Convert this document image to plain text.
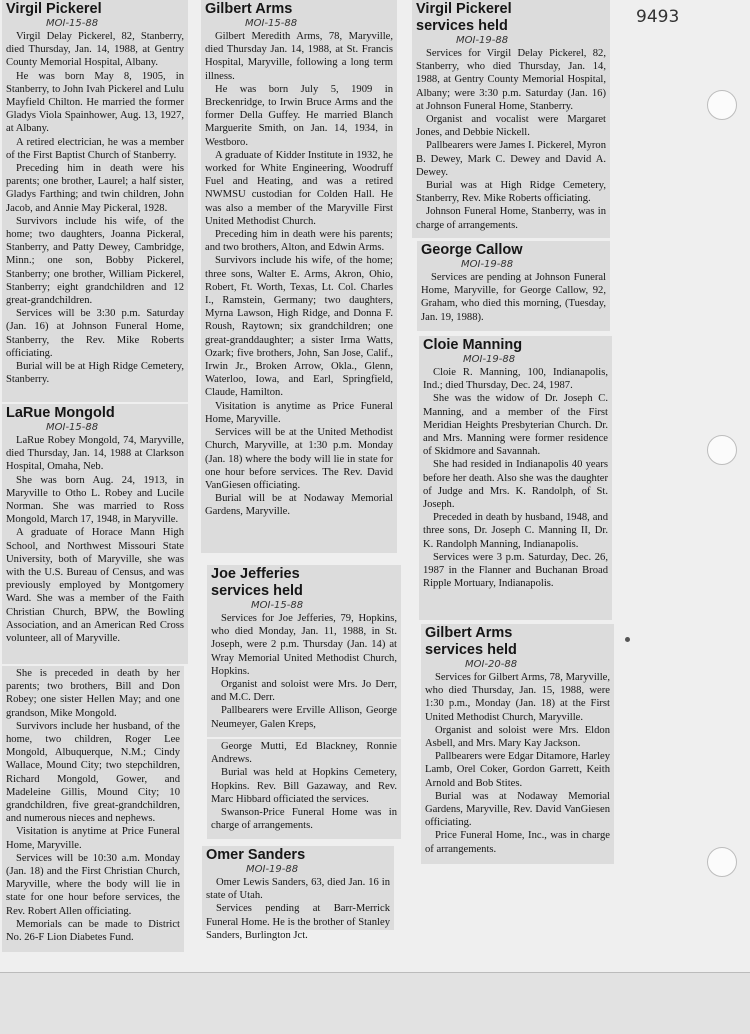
9493
Virgil Pickerel
MOI-15-88

Virgil Delay Pickerel, 82, Stanberry, died Thursday, Jan. 14, 1988, at Gentry County Memorial Hospital, Albany.

He was born May 8, 1905, in Stanberry, to John Ivah Pickerel and Lulu Mayfield Chilton. He married the former Gladys Viola Spainhower, Aug. 13, 1927, at Albany.

A retired electrician, he was a member of the First Baptist Church of Stanberry.

Preceding him in death were his parents; one brother, Laurel; a half sister, Gladys Farthing; and twin children, John Jacob, and Annie May Pickeral, 1928.

Survivors include his wife, of the home; two daughters, Joanna Pickeral, Stanberry, and Patty Dewey, Cambridge, Minn.; one son, Bobby Pickerel, Stanberry; one brother, William Pickerel, Stanberry; eight grandchildren and 12 great-grandchildren.

Services will be 3:30 p.m. Saturday (Jan. 16) at Johnson Funeral Home, Stanberry, the Rev. Mike Roberts officiating.

Burial will be at High Ridge Cemetery, Stanberry.

LaRue Mongold
MOI-15-88

LaRue Robey Mongold, 74, Maryville, died Thursday, Jan. 14, 1988 at Clarkson Hospital, Omaha, Neb.

She was born Aug. 24, 1913, in Maryville to Otho L. Robey and Lucile Norman. She was married to Ross Mongold, March 17, 1948, in Maryville.

A graduate of Horace Mann High School, and Northwest Missouri State University, both of Maryville, she was with the U.S. Bureau of Census, and was previously employed by Montgomery Ward. She was a member of the Faith Christian Church, BPW, the Bowling Association, and an American Red Cross volunteer, all of Maryville.

She is preceded in death by her parents; two brothers, Bill and Don Robey; one sister Hellen May; and one grandson, Mike Mongold.

Survivors include her husband, of the home, two children, Roger Lee Mongold, Albuquerque, N.M.; Cindy Wallace, Mound City; two stepchildren, Richard Mongold, Gower, and Madeleine Gillis, Mound City; 10 grandchildren, five great-grandchildren, and numerous nieces and nephews.

Visitation is anytime at Price Funeral Home, Maryville.

Services will be 10:30 a.m. Monday (Jan. 18) and the First Christian Church, Maryville, where the body will lie in state for one hour before services, the Rev. Robert Allen officiating.

Memorials can be made to District No. 26-F Lion Diabetes Fund.

Gilbert Arms
MOI-15-88

Gilbert Meredith Arms, 78, Maryville, died Thursday Jan. 14, 1988, at St. Francis Hospital, Maryville, following a long term illness.

He was born July 5, 1909 in Breckenridge, to Irwin Bruce Arms and the former Della Guffey. He married Blanch Marguerite Smith, on Jan. 14, 1934, in Westboro.

A graduate of Kidder Institute in 1932, he worked for White Engineering, Woodruff Fuel and Heating, and was a retired NWMSU custodian for Colden Hall. He was also a member of the Maryville First United Methodist Church.

Preceding him in death were his parents; and two brothers, Alton, and Edwin Arms.

Survivors include his wife, of the home; three sons, Walter E. Arms, Akron, Ohio, Robert, Ft. Worth, Texas, Lt. Col. Charles I., Ramstein, Germany; two daughters, Myrna Lawson, High Ridge, and Donna F. Roush, Raytown; six grandchildren; one great-granddaughter; a sister Irma Watts, Ozark; five brothers, John, San Jose, Calif., Irwin Jr., Broken Arrow, Okla., Glenn, Waterloo, Iowa, and Earl, Springfield, Claude, Hamilton.

Visitation is anytime as Price Funeral Home, Maryville.

Services will be at the United Methodist Church, Maryville, at 1:30 p.m. Monday (Jan. 18) where the body will lie in state for one hour before services. The Rev. David VanGiesen officiating.

Burial will be at Nodaway Memorial Gardens, Maryville.

Joe Jefferies
services held
MOI-15-88

Services for Joe Jefferies, 79, Hopkins, who died Monday, Jan. 11, 1988, in St. Joseph, were 2 p.m. Thursday (Jan. 14) at Wray Memorial United Methodist Church, Hopkins.

Organist and soloist were Mrs. Jo Derr, and M.C. Derr.

Pallbearers were Erville Allison, George Neumeyer, Galen Kreps,

George Mutti, Ed Blackney, Ronnie Andrews.

Burial was held at Hopkins Cemetery, Hopkins. Rev. Bill Gazaway, and Rev. Marc Hibbard officiated the services.

Swanson-Price Funeral Home was in charge of arrangements.

Omer Sanders
MOI-19-88

Omer Lewis Sanders, 63, died Jan. 16 in state of Utah.

Services pending at Barr-Merrick Funeral Home. He is the brother of Stanley Sanders, Burlington Jct.

Virgil Pickerel
services held
MOI-19-88

Services for Virgil Delay Pickerel, 82, Stanberry, who died Thursday, Jan. 14, 1988, at Gentry County Memorial Hospital, Albany; were 3:30 p.m. Saturday (Jan. 16) at Johnson Funeral Home, Stanberry.

Organist and vocalist were Margaret Jones, and Debbie Nickell.

Pallbearers were James I. Pickerel, Myron B. Dewey, Mark C. Dewey and David A. Dewey.

Burial was at High Ridge Cemetery, Stanberry, Rev. Mike Roberts officiating.

Johnson Funeral Home, Stanberry, was in charge of arrangements.

George Callow
MOI-19-88

Services are pending at Johnson Funeral Home, Maryville, for George Callow, 92, Graham, who died this morning, (Tuesday, Jan. 19, 1988).

Cloie Manning
MOI-19-88

Cloie R. Manning, 100, Indianapolis, Ind.; died Thursday, Dec. 24, 1987.

She was the widow of Dr. Joseph C. Manning, and a member of the First Meridian Heights Presbyterian Church. Dr. and Mrs. Manning were former residence of Skidmore and Savannah.

She had resided in Indianapolis 40 years before her death. Also she was the daughter of Judge and Mrs. K. Randolph, of St. Joseph.

Preceded in death by husband, 1948, and three sons, Dr. Joseph C. Manning II, Dr. K. Randolph Manning, Indianapolis.

Services were 3 p.m. Saturday, Dec. 26, 1987 in the Flanner and Buchanan Broad Ripple Mortuary, Indianapolis.

Gilbert Arms
services held
MOI-20-88

Services for Gilbert Arms, 78, Maryville, who died Thursday, Jan. 15, 1988, were 1:30 p.m., Monday (Jan. 18) at the First United Methodist Church, Maryville.

Organist and soloist were Mrs. Eldon Asbell, and Mrs. Mary Kay Jackson.

Pallbearers were Edgar Ditamore, Harley Lamb, Orel Coker, Gordon Garrett, Keith Arnold and Bob Stites.

Burial was at Nodaway Memorial Gardens, Maryville, Rev. David VanGiesen officiating.

Price Funeral Home, Inc., was in charge of arrangements.
